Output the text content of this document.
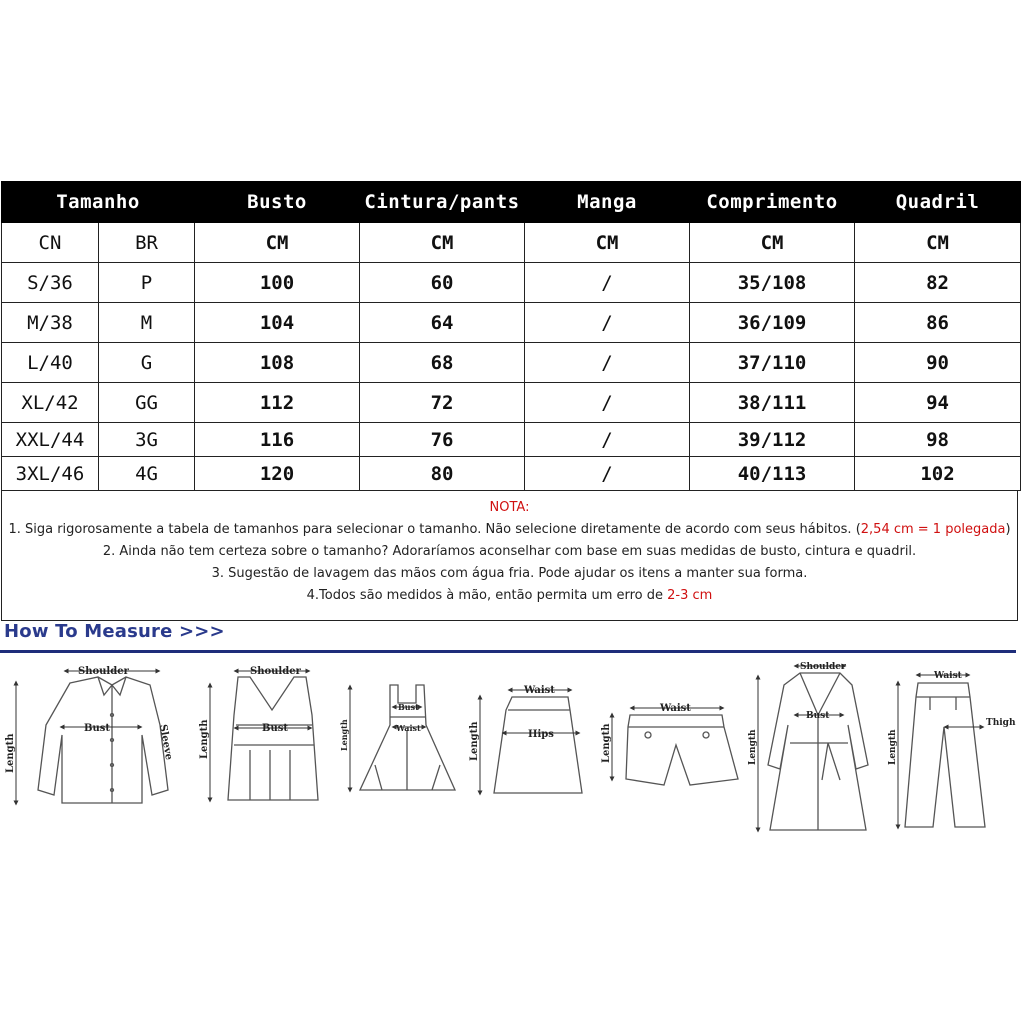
Tamanho		Busto	Cintura/pants	Manga	Comprimento	Quadril
CN	BR	CM	CM	CM	CM	CM
S/36	P	100	60	/	35/108	82
M/38	M	104	64	/	36/109	86
L/40	G	108	68	/	37/110	90
XL/42	GG	112	72	/	38/111	94
XXL/44	3G	116	76	/	39/112	98
3XL/46	4G	120	80	/	40/113	102
NOTA:
1. Siga rigorosamente a tabela de tamanhos para selecionar o tamanho. Não selecione diretamente de acordo com seus hábitos. (2,54 cm = 1 polegada)
2. Ainda não tem certeza sobre o tamanho? Adoraríamos aconselhar com base em suas medidas de busto, cintura e quadril.
3. Sugestão de lavagem das mãos com água fria. Pode ajudar os itens a manter sua forma.
4.Todos são medidos à mão, então permita um erro de 2-3 cm
How To Measure >>>
Shoulder
Bust
Length	Sleeve
Shoulder
Bust
Length
Bust
Waist
Length
Waist
Hips
Length
Waist
Length
Shoulder
Bust
Length
Waist
Thigh
Length
